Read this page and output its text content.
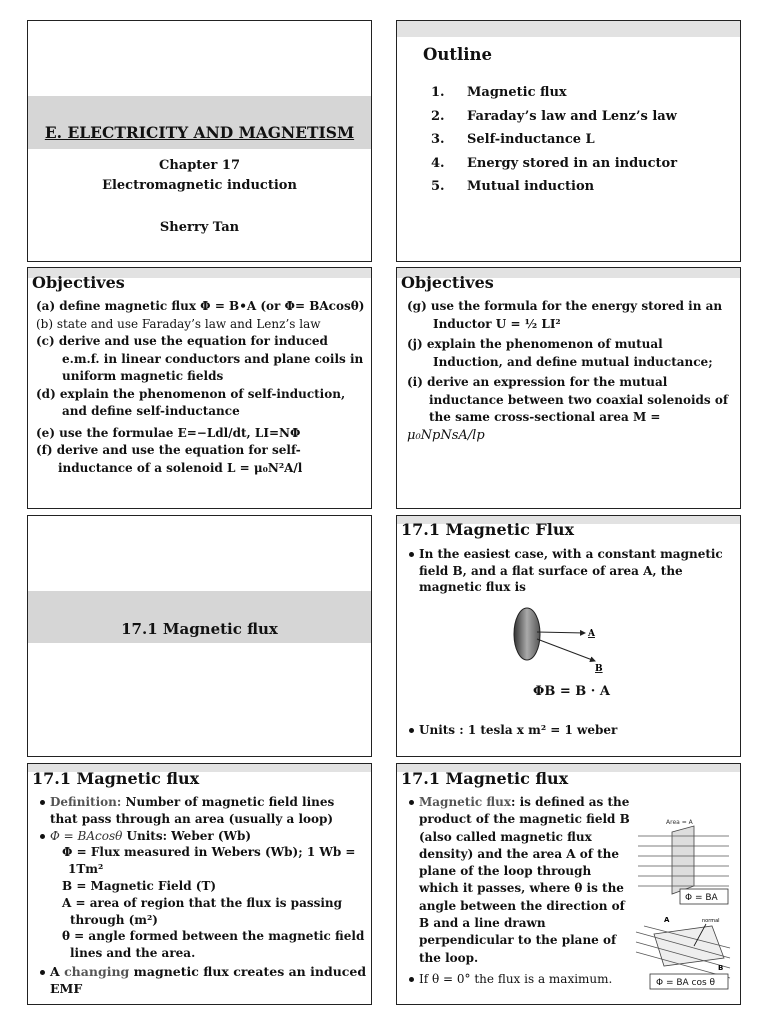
E. ELECTRICITY AND MAGNETISM
Chapter 17
Electromagnetic induction
Sherry Tan
Outline
1.	Magnetic flux
2.	Faraday’s law and Lenz’s law
3.	Self-inductance L
4.	Energy stored in an inductor
5.	Mutual induction
Objectives
(a) define magnetic flux Φ = B•A (or Φ= BAcosθ)
(b) state and use Faraday’s law and Lenz’s law
(c) derive and use the equation for induced
e.m.f. in linear conductors and plane coils in
uniform magnetic fields
(d) explain the phenomenon of self-induction,
and define self-inductance
(e) use the formulae E=−Ldl/dt, LI=NΦ
(f) derive and use the equation for self-
inductance of a solenoid L = μ₀N²A/l
Objectives
(g) use the formula for the energy stored in an
Inductor U = ½ LI²
(j) explain the phenomenon of mutual
Induction, and define mutual inductance;
(i) derive an expression for the mutual
inductance between two coaxial solenoids of
the same cross-sectional area M =
μ₀NpNsA/lp
17.1 Magnetic flux
17.1 Magnetic Flux
In the easiest case, with a constant magnetic
field B, and a flat surface of area A, the
magnetic flux is
A
B
ΦB = B · A
Units : 1 tesla x m² = 1 weber
17.1 Magnetic flux
Definition: Number of magnetic field lines
that pass through an area (usually a loop)
Φ = BAcosθ Units: Weber (Wb)
Φ = Flux measured in Webers (Wb); 1 Wb =
1Tm²
B = Magnetic Field (T)
A = area of region that the flux is passing
through (m²)
θ = angle formed between the magnetic field
lines and the area.
A changing magnetic flux creates an induced
EMF
17.1 Magnetic flux
Magnetic flux: is defined as the
product of the magnetic field B
(also called magnetic flux
density) and the area A of the
plane of the loop through
which it passes, where θ is the
angle between the direction of
B and a line drawn
perpendicular to the plane of
the loop.
If θ = 0° the flux is a maximum.
Area = A
Φ = BA
A	normal
B
Φ = BA cos θ
